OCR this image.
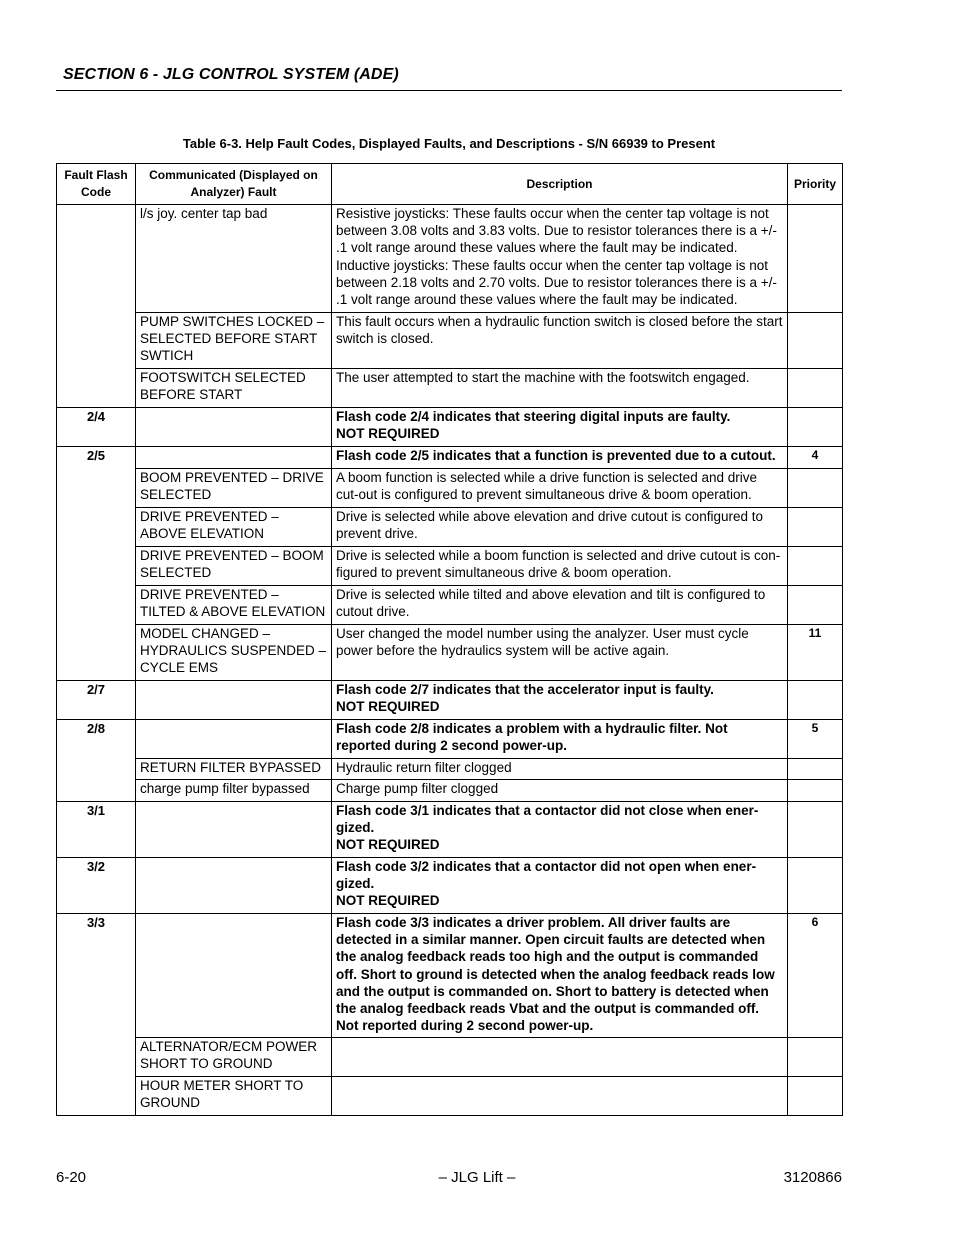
SECTION 6 - JLG CONTROL SYSTEM (ADE)
Table 6-3. Help Fault Codes, Displayed Faults, and Descriptions - S/N 66939 to Present
Fault Flash Code	Communicated (Displayed on Analyzer) Fault	Description	Priority
	l/s joy. center tap bad	Resistive joysticks: These faults occur when the center tap voltage is not between 3.08 volts and 3.83 volts. Due to resistor tolerances there is a +/- .1 volt range around these values where the fault may be indicated. Inductive joysticks: These faults occur when the center tap voltage is not between 2.18 volts and 2.70 volts. Due to resistor tolerances there is a +/- .1 volt range around these values where the fault may be indicated.	
	PUMP SWITCHES LOCKED – SELECTED BEFORE START SWTICH	This fault occurs when a hydraulic function switch is closed before the start switch is closed.	
	FOOTSWITCH SELECTED BEFORE START	The user attempted to start the machine with the footswitch engaged.	
2/4		Flash code 2/4 indicates that steering digital inputs are faulty.
NOT REQUIRED	

2/5		Flash code 2/5 indicates that a function is prevented due to a cutout.	4
	BOOM PREVENTED – DRIVE SELECTED	A boom function is selected while a drive function is selected and drive cut-out is configured to prevent simultaneous drive & boom operation.	
	DRIVE PREVENTED – ABOVE ELEVATION	Drive is selected while above elevation and drive cutout is configured to prevent drive.	
	DRIVE PREVENTED – BOOM SELECTED	Drive is selected while a boom function is selected and drive cutout is con-figured to prevent simultaneous drive & boom operation.	
	DRIVE PREVENTED – TILTED & ABOVE ELEVATION	Drive is selected while tilted and above elevation and tilt is configured to cutout drive.	
	MODEL CHANGED – HYDRAULICS SUSPENDED – CYCLE EMS	User changed the model number using the analyzer. User must cycle power before the hydraulics system will be active again.	11
2/7		Flash code 2/7 indicates that the accelerator input is faulty.
NOT REQUIRED	

2/8		Flash code 2/8 indicates a problem with a hydraulic filter. Not reported during 2 second power-up.	5
	RETURN FILTER BYPASSED	Hydraulic return filter clogged	
	charge pump filter bypassed	Charge pump filter clogged	
3/1		Flash code 3/1 indicates that a contactor did not close when ener-gized.
NOT REQUIRED	

3/2		Flash code 3/2 indicates that a contactor did not open when ener-gized.
NOT REQUIRED	

3/3		Flash code 3/3 indicates a driver problem. All driver faults are detected in a similar manner. Open circuit faults are detected when the analog feedback reads too high and the output is commanded off. Short to ground is detected when the analog feedback reads low and the output is commanded on. Short to battery is detected when the analog feedback reads Vbat and the output is commanded off. Not reported during 2 second power-up.	6
	ALTERNATOR/ECM POWER SHORT TO GROUND		
	HOUR METER SHORT TO GROUND		
6-20	– JLG Lift –	3120866
